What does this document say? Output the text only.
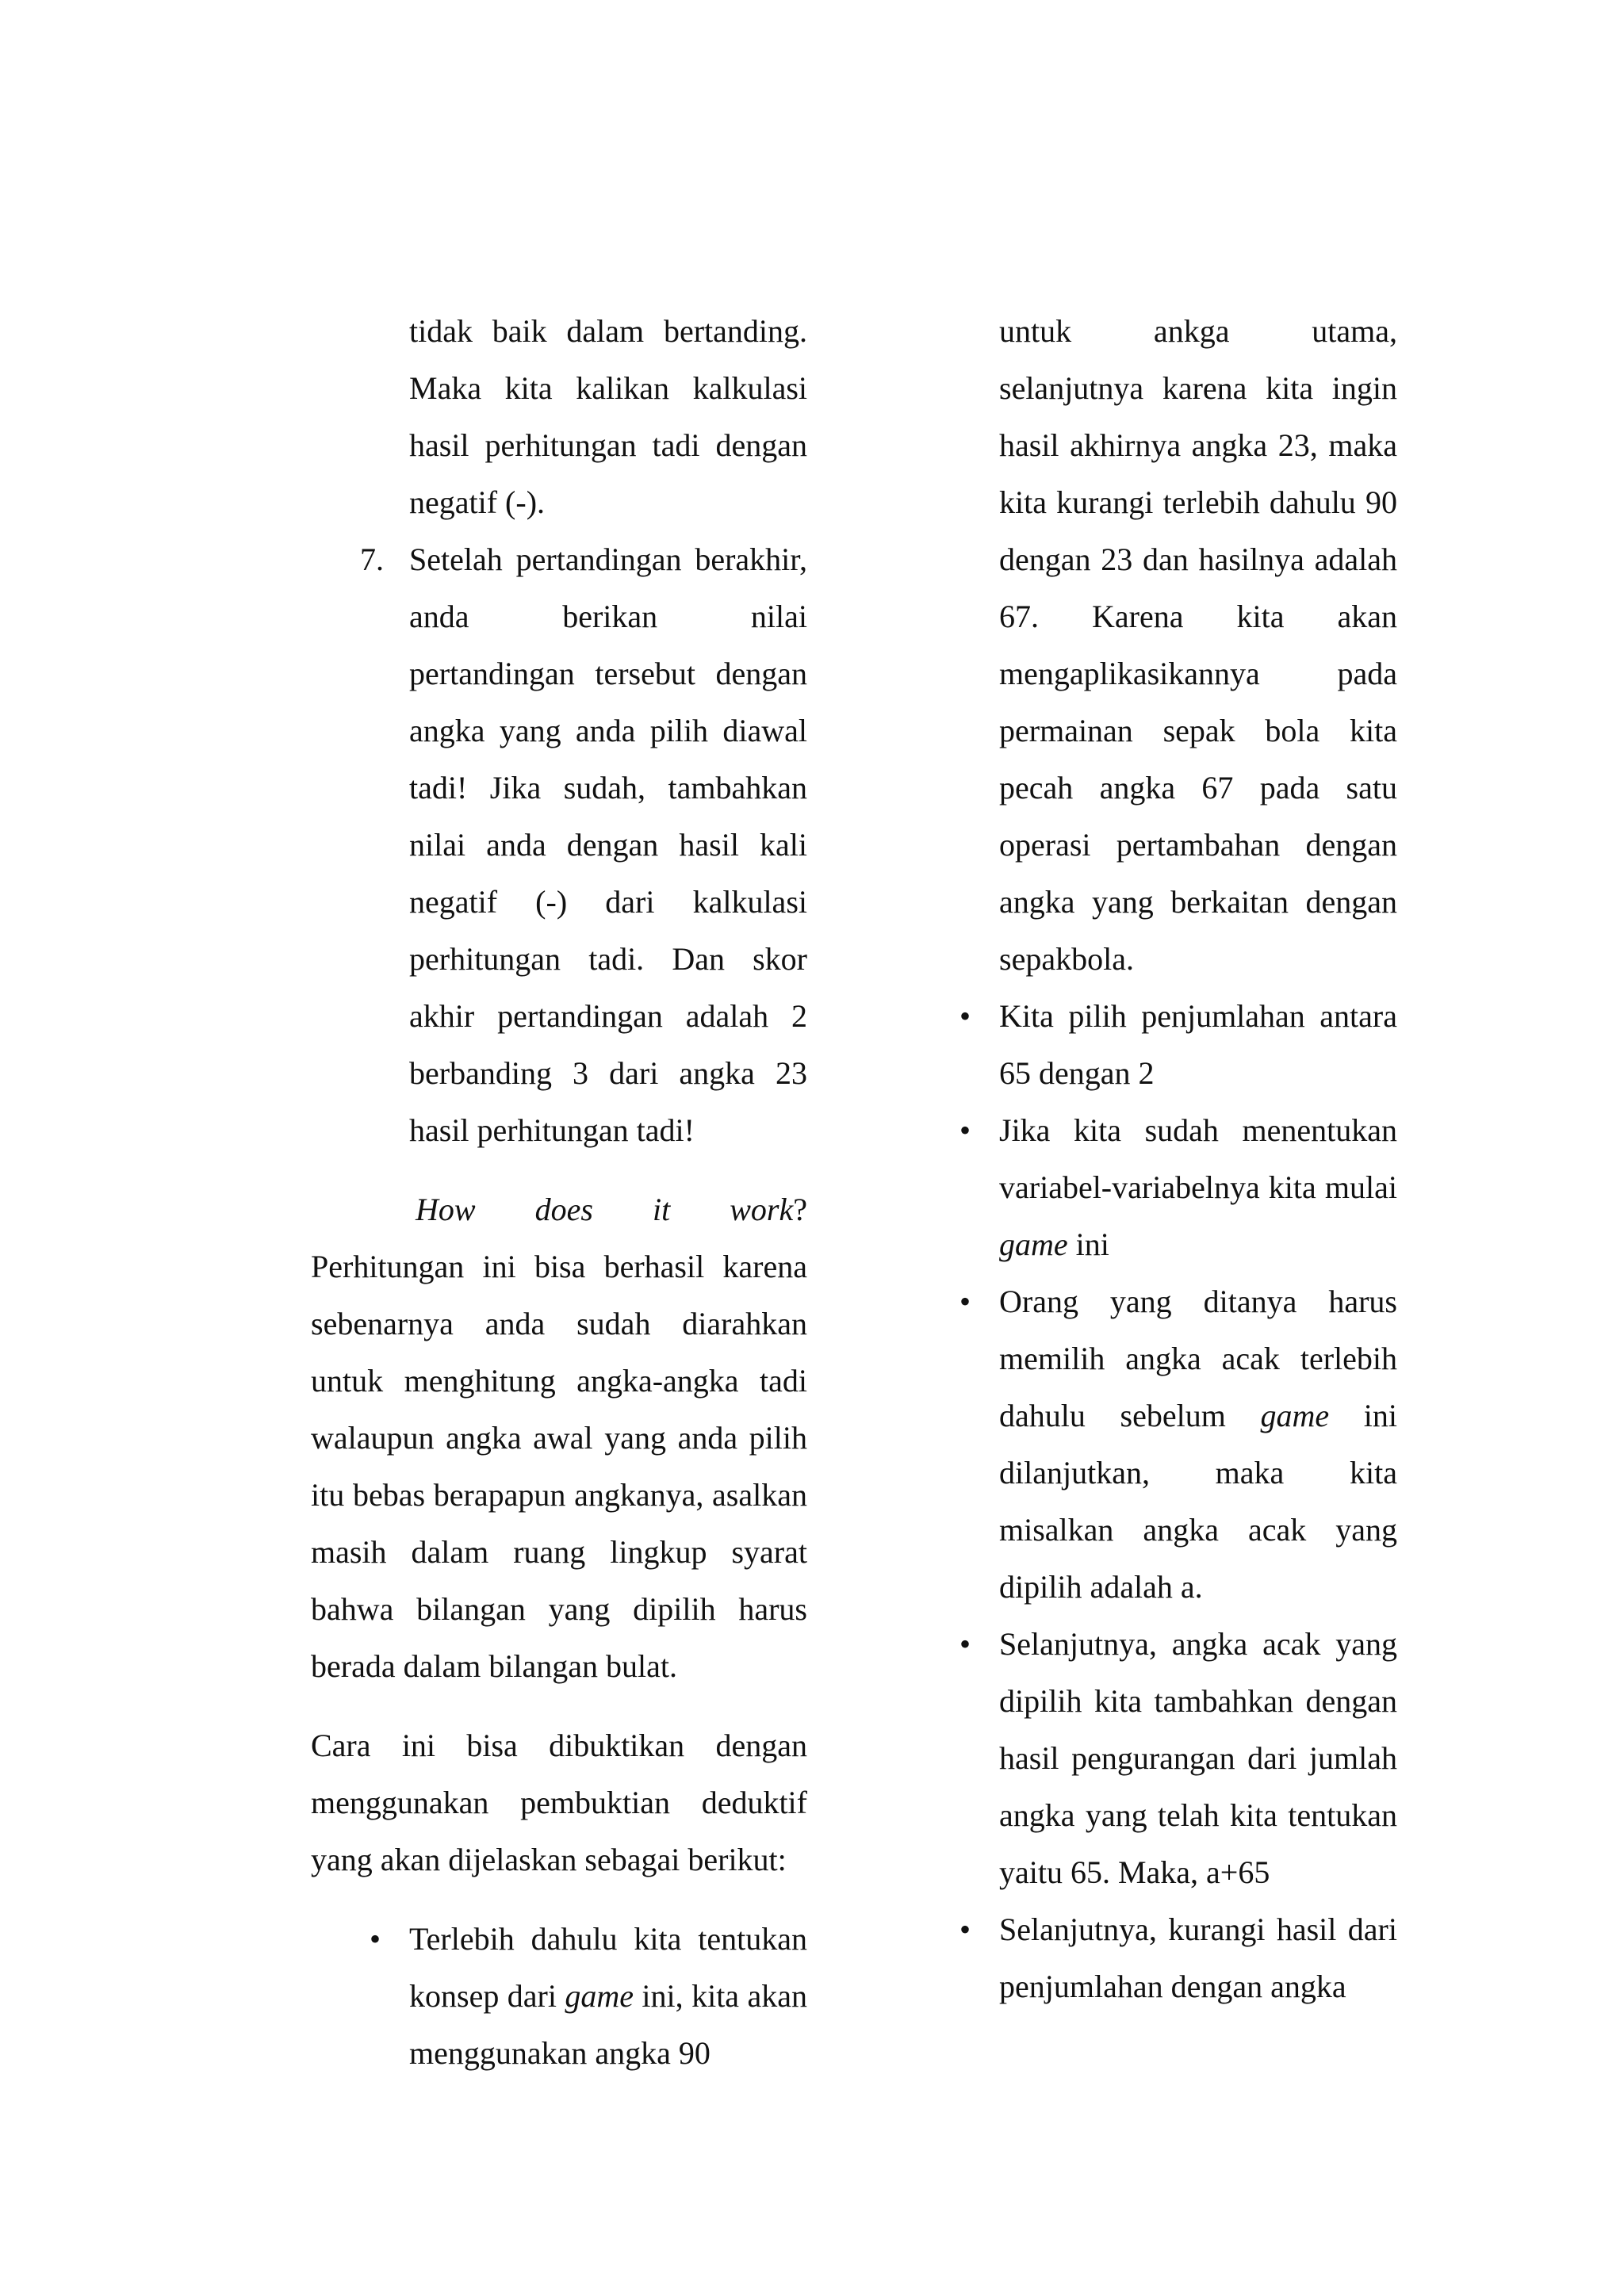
tidak baik dalam bertanding. Maka kita kalikan kalkulasi hasil perhitungan tadi dengan negatif (-).

7. Setelah pertandingan berakhir, anda berikan nilai pertandingan tersebut dengan angka yang anda pilih diawal tadi! Jika sudah, tambahkan nilai anda dengan hasil kali negatif (-) dari kalkulasi perhitungan tadi. Dan skor akhir pertandingan adalah 2 berbanding 3 dari angka 23 hasil perhitungan tadi!

How does it work? Perhitungan ini bisa berhasil karena sebenarnya anda sudah diarahkan untuk menghitung angka-angka tadi walaupun angka awal yang anda pilih itu bebas berapapun angkanya, asalkan masih dalam ruang lingkup syarat bahwa bilangan yang dipilih harus berada dalam bilangan bulat.

Cara ini bisa dibuktikan dengan menggunakan pembuktian deduktif yang akan dijelaskan sebagai berikut:

• Terlebih dahulu kita tentukan konsep dari game ini, kita akan menggunakan angka 90

untuk ankga utama, selanjutnya karena kita ingin hasil akhirnya angka 23, maka kita kurangi terlebih dahulu 90 dengan 23 dan hasilnya adalah 67. Karena kita akan mengaplikasikannya pada permainan sepak bola kita pecah angka 67 pada satu operasi pertambahan dengan angka yang berkaitan dengan sepakbola.

• Kita pilih penjumlahan antara 65 dengan 2
• Jika kita sudah menentukan variabel-variabelnya kita mulai game ini
• Orang yang ditanya harus memilih angka acak terlebih dahulu sebelum game ini dilanjutkan, maka kita misalkan angka acak yang dipilih adalah a.
• Selanjutnya, angka acak yang dipilih kita tambahkan dengan hasil pengurangan dari jumlah angka yang telah kita tentukan yaitu 65. Maka, a+65
• Selanjutnya, kurangi hasil dari penjumlahan dengan angka
